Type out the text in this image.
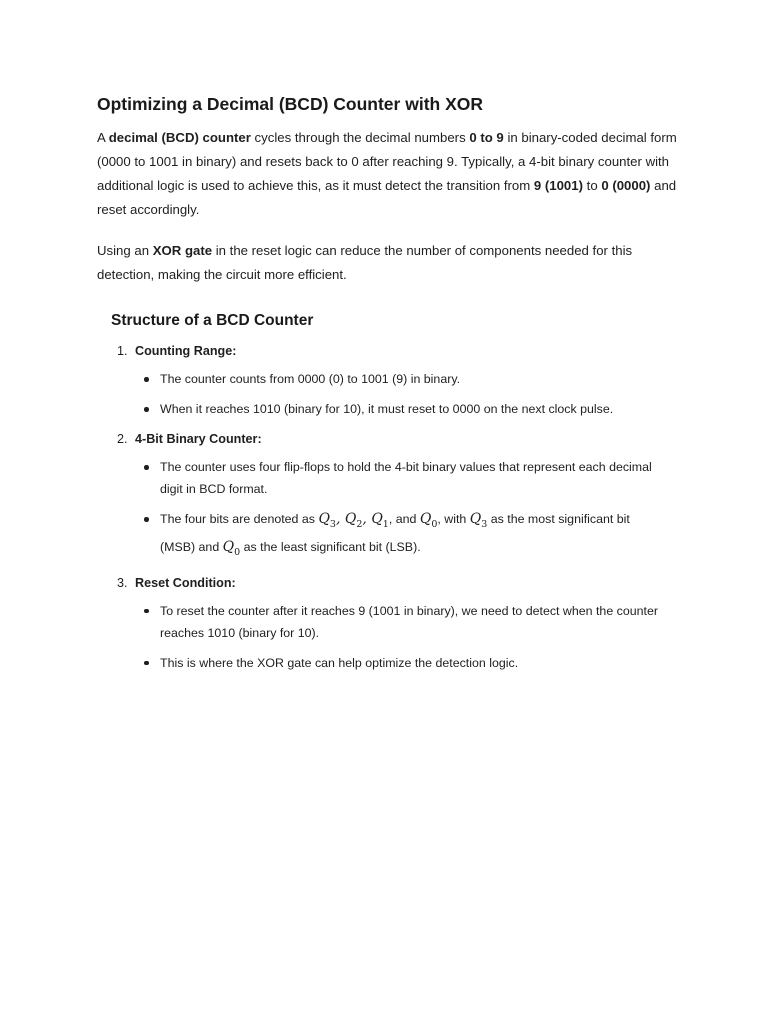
Optimizing a Decimal (BCD) Counter with XOR

A decimal (BCD) counter cycles through the decimal numbers 0 to 9 in binary-coded decimal form (0000 to 1001 in binary) and resets back to 0 after reaching 9. Typically, a 4-bit binary counter with additional logic is used to achieve this, as it must detect the transition from 9 (1001) to 0 (0000) and reset accordingly.

Using an XOR gate in the reset logic can reduce the number of components needed for this detection, making the circuit more efficient.

Structure of a BCD Counter
1. Counting Range:
The counter counts from 0000 (0) to 1001 (9) in binary.
When it reaches 1010 (binary for 10), it must reset to 0000 on the next clock pulse.
2. 4-Bit Binary Counter:
The counter uses four flip-flops to hold the 4-bit binary values that represent each decimal digit in BCD format.
The four bits are denoted as $Q_3$, $Q_2$, $Q_1$, and $Q_0$, with $Q_3$ as the most significant bit (MSB) and $Q_0$ as the least significant bit (LSB).
3. Reset Condition:
To reset the counter after it reaches 9 (1001 in binary), we need to detect when the counter reaches 1010 (binary for 10).
This is where the XOR gate can help optimize the detection logic.
